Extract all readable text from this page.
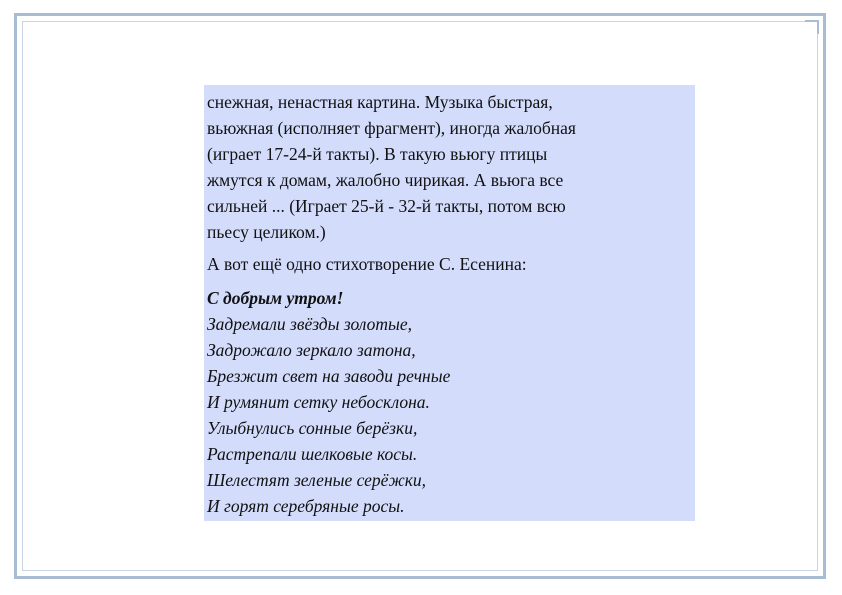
снежная, ненастная картина. Музыка быстрая,

вьюжная (исполняет фрагмент), иногда жалобная

(играет 17-24-й такты). В такую вьюгу птицы

жмутся к домам, жалобно чирикая. А вьюга все

сильней ... (Играет 25-й - 32-й такты, потом всю

пьесу целиком.)

А вот ещё одно стихотворение С. Есенина:

С добрым утром!

Задремали звёзды золотые,

Задрожало зеркало затона,

Брезжит свет на заводи речные

И румянит сетку небосклона.

Улыбнулись сонные берёзки,

Растрепали шелковые косы.

Шелестят зеленые серёжки,

И горят серебряные росы.
